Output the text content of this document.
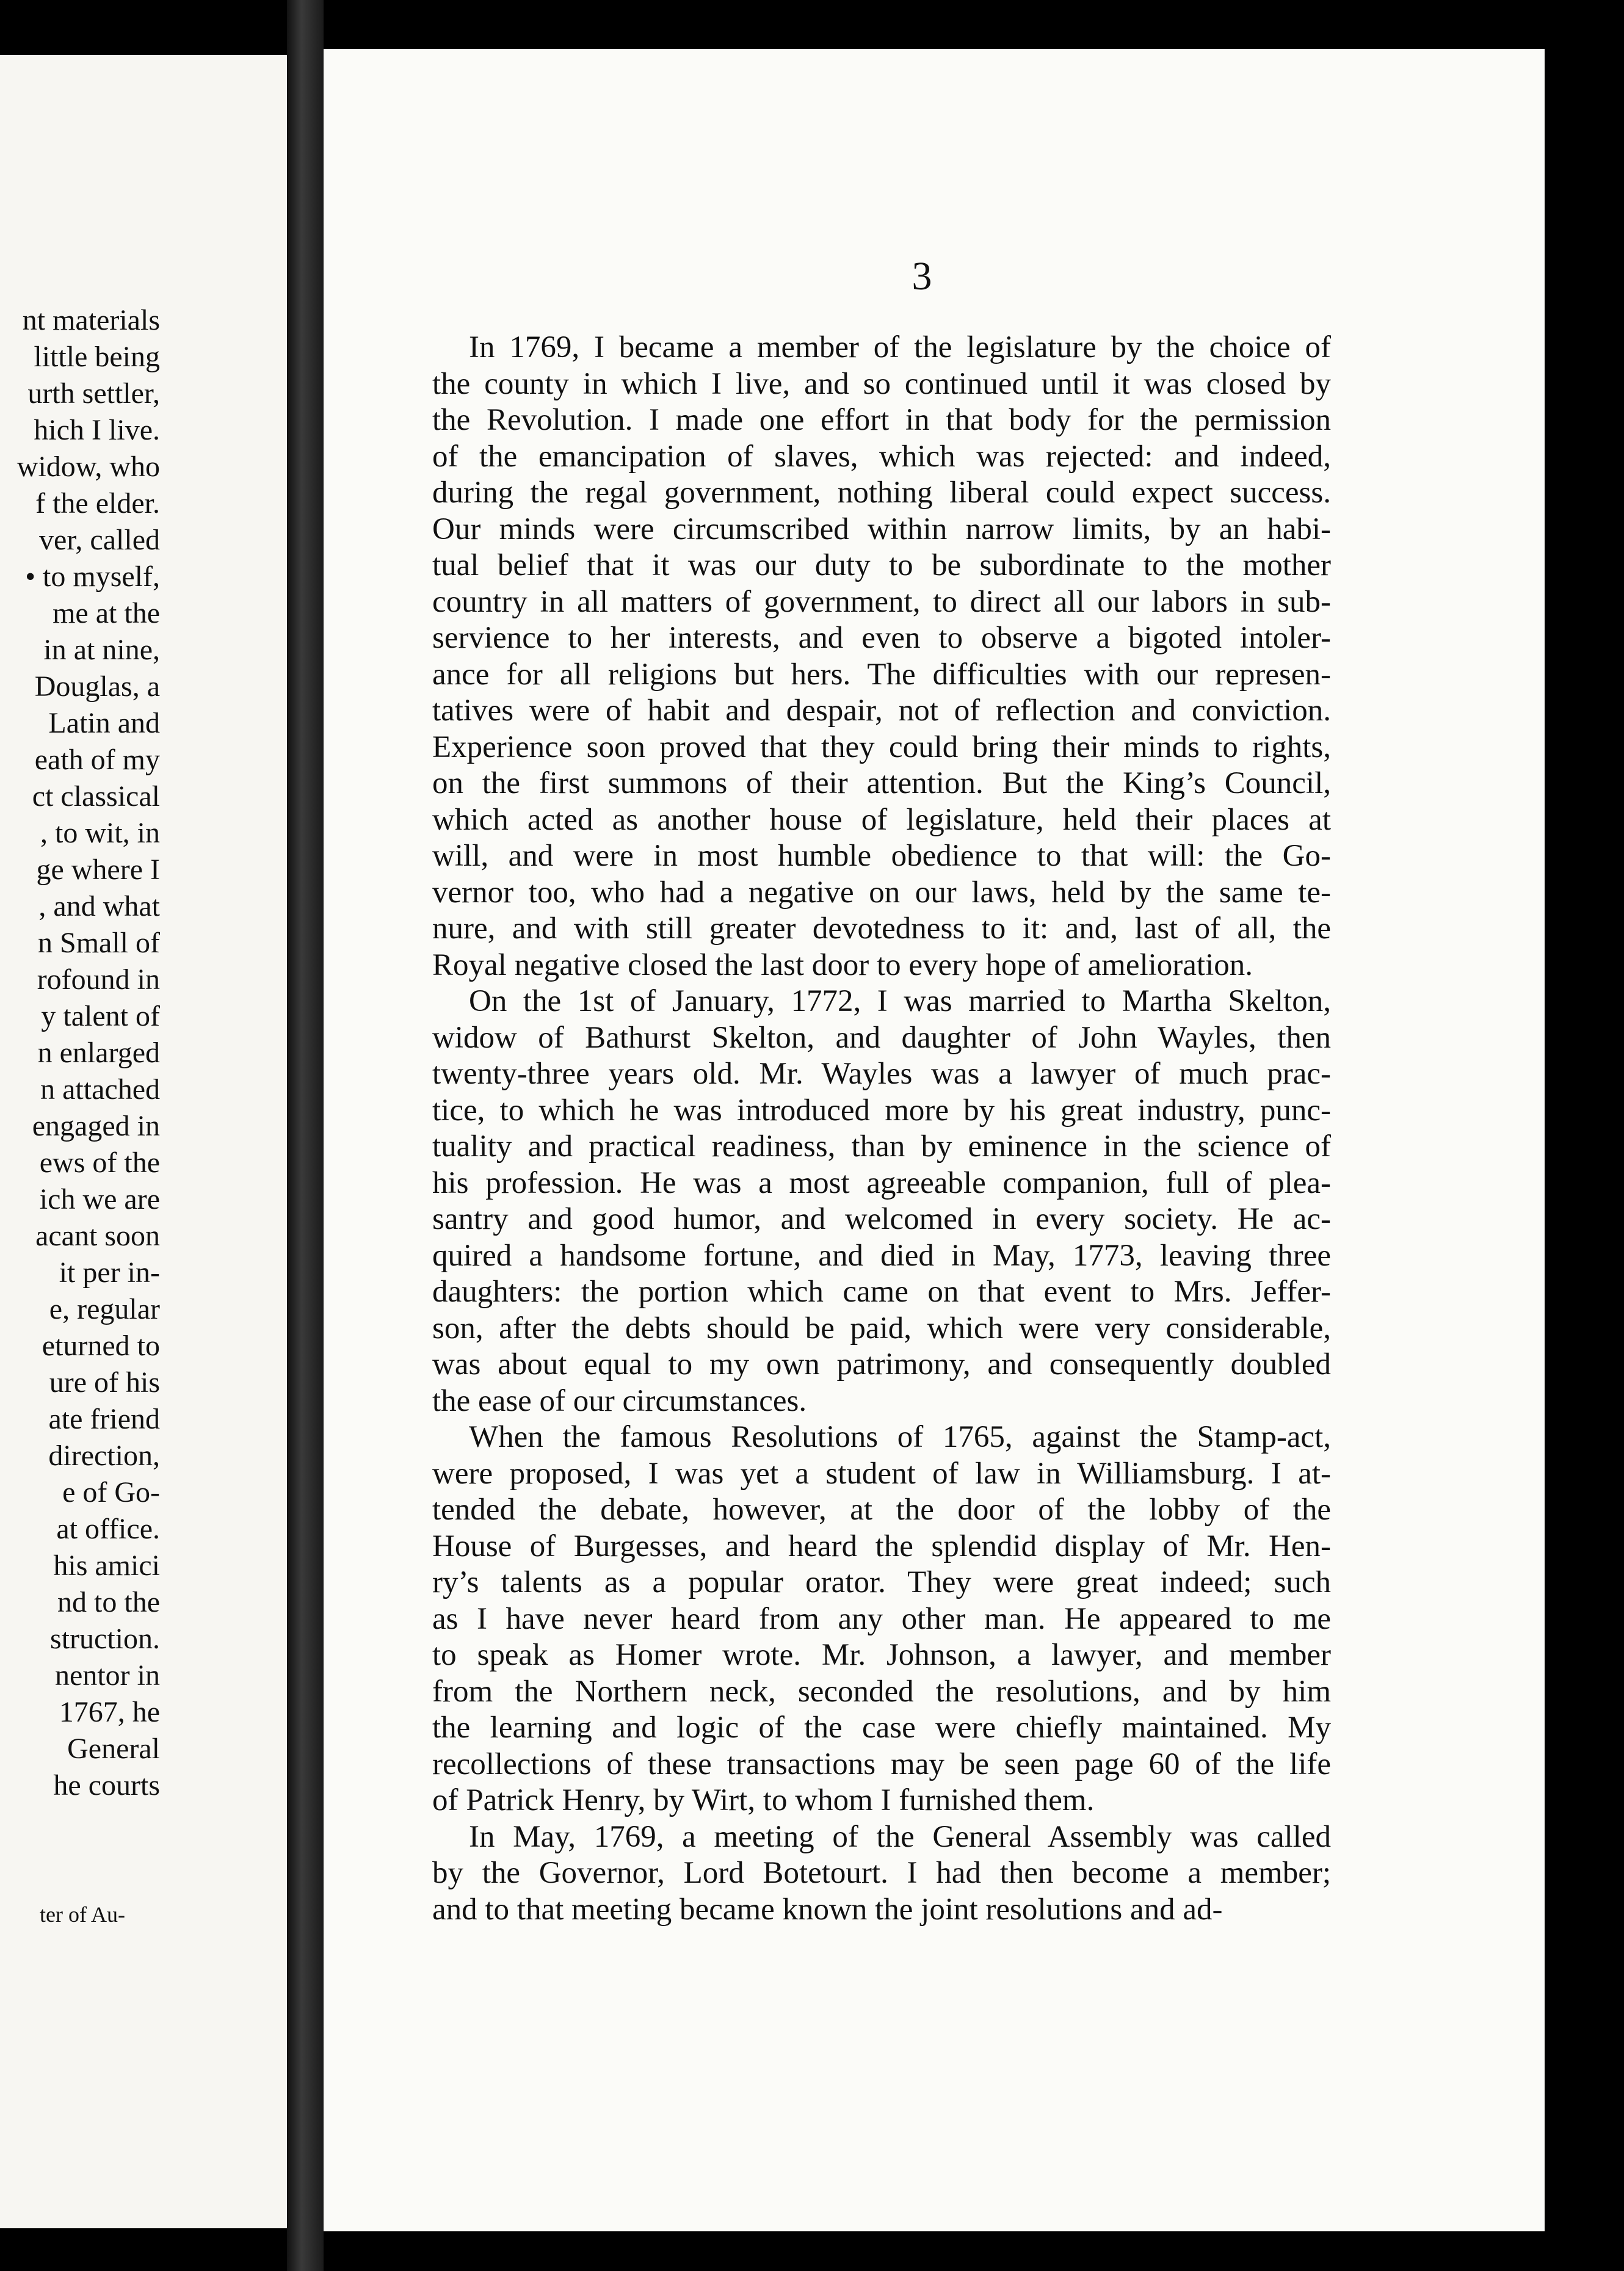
nt materials
little being
urth settler,
hich I live.
widow, who
f the elder.
ver, called
• to myself,
me at the
in at nine,
Douglas, a
Latin and
eath of my
ct classical
, to wit, in
ge where I
, and what
n Small of
rofound in
y talent of
n enlarged
n attached
engaged in
ews of the
ich we are
acant soon
it per in-
e, regular
eturned to
ure of his
ate friend
direction,
e of Go-
at office.
his amici
nd to the
struction.
nentor in
1767, he
General
he courts
ter of Au-
3
In 1769, I became a member of the legislature by the choice of
the county in which I live, and so continued until it was closed by
the Revolution. I made one effort in that body for the permission
of the emancipation of slaves, which was rejected: and indeed,
during the regal government, nothing liberal could expect success.
Our minds were circumscribed within narrow limits, by an habi-
tual belief that it was our duty to be subordinate to the mother
country in all matters of government, to direct all our labors in sub-
servience to her interests, and even to observe a bigoted intoler-
ance for all religions but hers. The difficulties with our represen-
tatives were of habit and despair, not of reflection and conviction.
Experience soon proved that they could bring their minds to rights,
on the first summons of their attention. But the King’s Council,
which acted as another house of legislature, held their places at
will, and were in most humble obedience to that will: the Go-
vernor too, who had a negative on our laws, held by the same te-
nure, and with still greater devotedness to it: and, last of all, the
Royal negative closed the last door to every hope of amelioration.
On the 1st of January, 1772, I was married to Martha Skelton,
widow of Bathurst Skelton, and daughter of John Wayles, then
twenty-three years old. Mr. Wayles was a lawyer of much prac-
tice, to which he was introduced more by his great industry, punc-
tuality and practical readiness, than by eminence in the science of
his profession. He was a most agreeable companion, full of plea-
santry and good humor, and welcomed in every society. He ac-
quired a handsome fortune, and died in May, 1773, leaving three
daughters: the portion which came on that event to Mrs. Jeffer-
son, after the debts should be paid, which were very considerable,
was about equal to my own patrimony, and consequently doubled
the ease of our circumstances.
When the famous Resolutions of 1765, against the Stamp-act,
were proposed, I was yet a student of law in Williamsburg. I at-
tended the debate, however, at the door of the lobby of the
House of Burgesses, and heard the splendid display of Mr. Hen-
ry’s talents as a popular orator. They were great indeed; such
as I have never heard from any other man. He appeared to me
to speak as Homer wrote. Mr. Johnson, a lawyer, and member
from the Northern neck, seconded the resolutions, and by him
the learning and logic of the case were chiefly maintained. My
recollections of these transactions may be seen page 60 of the life
of Patrick Henry, by Wirt, to whom I furnished them.
In May, 1769, a meeting of the General Assembly was called
by the Governor, Lord Botetourt. I had then become a member;
and to that meeting became known the joint resolutions and ad-
